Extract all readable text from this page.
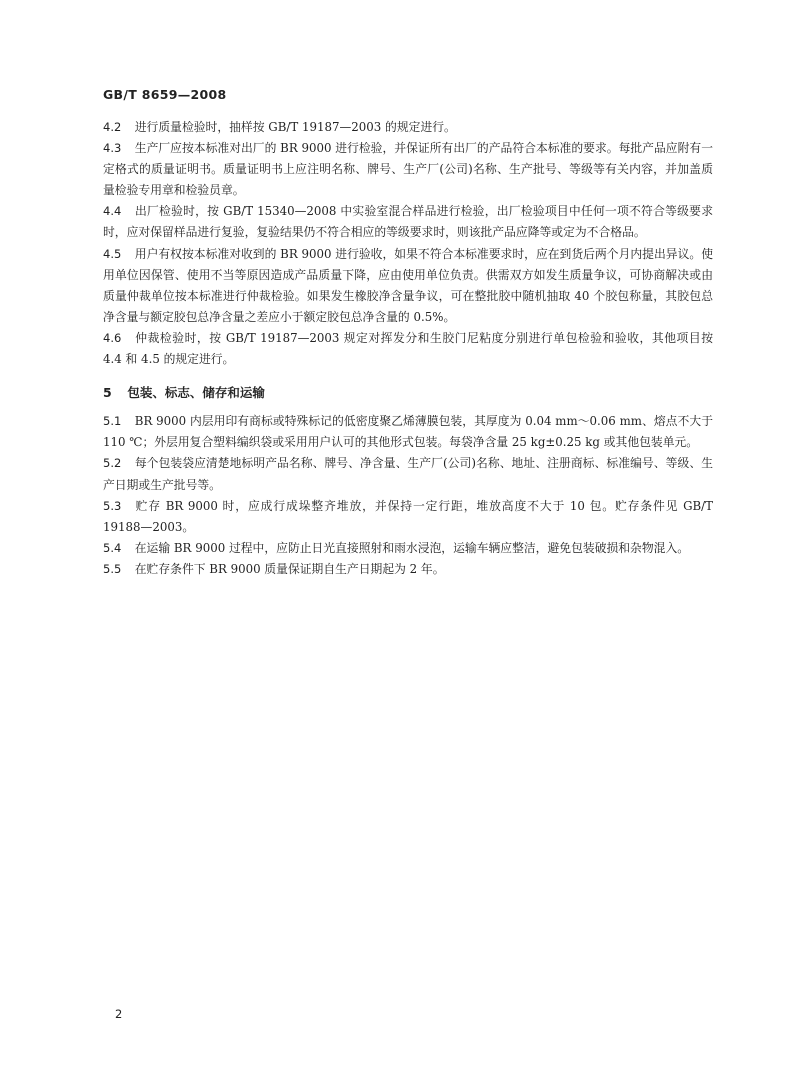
GB/T 8659—2008

4.2 进行质量检验时，抽样按 GB/T 19187—2003 的规定进行。

4.3 生产厂应按本标准对出厂的 BR 9000 进行检验，并保证所有出厂的产品符合本标准的要求。每批产品应附有一定格式的质量证明书。质量证明书上应注明名称、牌号、生产厂(公司)名称、生产批号、等级等有关内容，并加盖质量检验专用章和检验员章。

4.4 出厂检验时，按 GB/T 15340—2008 中实验室混合样品进行检验，出厂检验项目中任何一项不符合等级要求时，应对保留样品进行复验，复验结果仍不符合相应的等级要求时，则该批产品应降等或定为不合格品。

4.5 用户有权按本标准对收到的 BR 9000 进行验收，如果不符合本标准要求时，应在到货后两个月内提出异议。使用单位因保管、使用不当等原因造成产品质量下降，应由使用单位负责。供需双方如发生质量争议，可协商解决或由质量仲裁单位按本标准进行仲裁检验。如果发生橡胶净含量争议，可在整批胶中随机抽取 40 个胶包称量，其胶包总净含量与额定胶包总净含量之差应小于额定胶包总净含量的 0.5%。

4.6 仲裁检验时，按 GB/T 19187—2003 规定对挥发分和生胶门尼粘度分别进行单包检验和验收，其他项目按 4.4 和 4.5 的规定进行。

5 包装、标志、储存和运输

5.1 BR 9000 内层用印有商标或特殊标记的低密度聚乙烯薄膜包装，其厚度为 0.04 mm～0.06 mm、熔点不大于 110 ℃；外层用复合塑料编织袋或采用用户认可的其他形式包装。每袋净含量 25 kg±0.25 kg 或其他包装单元。

5.2 每个包装袋应清楚地标明产品名称、牌号、净含量、生产厂(公司)名称、地址、注册商标、标准编号、等级、生产日期或生产批号等。

5.3 贮存 BR 9000 时，应成行成垛整齐堆放，并保持一定行距，堆放高度不大于 10 包。贮存条件见 GB/T 19188—2003。

5.4 在运输 BR 9000 过程中，应防止日光直接照射和雨水浸泡，运输车辆应整洁，避免包装破损和杂物混入。

5.5 在贮存条件下 BR 9000 质量保证期自生产日期起为 2 年。

2
